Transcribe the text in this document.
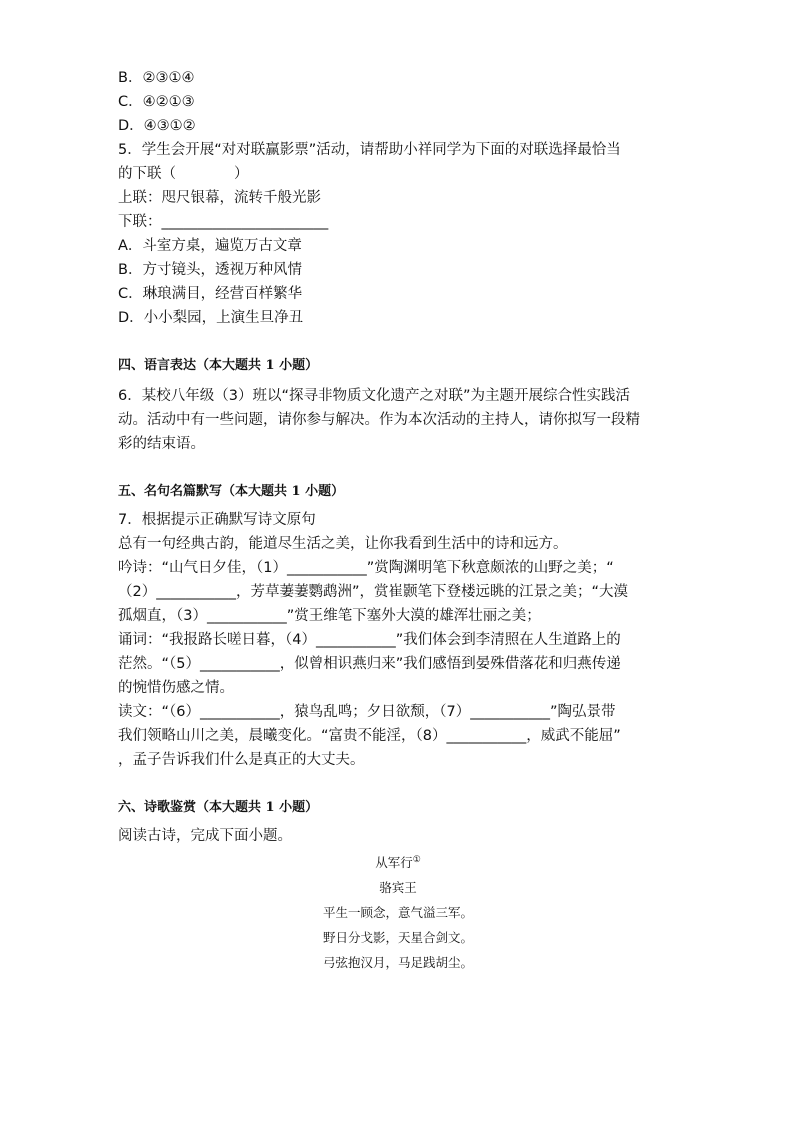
B．②③①④
C．④②①③
D．④③①②
5．学生会开展“对对联赢影票”活动，请帮助小祥同学为下面的对联选择最恰当
的下联（　　　　）
上联：咫尺银幕，流转千般光影
下联：_______________________
A．斗室方桌，遍览万古文章
B．方寸镜头，透视万种风情
C．琳琅满目，经营百样繁华
D．小小梨园，上演生旦净丑
四、语言表达（本大题共 1 小题）
6．某校八年级（3）班以“探寻非物质文化遗产之对联”为主题开展综合性实践活
动。活动中有一些问题，请你参与解决。作为本次活动的主持人，请你拟写一段精
彩的结束语。
五、名句名篇默写（本大题共 1 小题）
7．根据提示正确默写诗文原句
总有一句经典古韵，能道尽生活之美，让你我看到生活中的诗和远方。
吟诗：“山气日夕佳，（1）___________”赏陶渊明笔下秋意颇浓的山野之美；“
（2）___________，芳草萋萋鹦鹉洲”，赏崔颢笔下登楼远眺的江景之美；“大漠
孤烟直，（3）___________”赏王维笔下塞外大漠的雄浑壮丽之美；
诵词：“我报路长嗟日暮，（4）___________”我们体会到李清照在人生道路上的
茫然。“（5）___________，似曾相识燕归来”我们感悟到晏殊借落花和归燕传递
的惋惜伤感之情。
读文：“（6）___________，猿鸟乱鸣；夕日欲颓，（7）___________”陶弘景带
我们领略山川之美，晨曦变化。“富贵不能淫，（8）___________，威武不能屈”
，孟子告诉我们什么是真正的大丈夫。
六、诗歌鉴赏（本大题共 1 小题）
阅读古诗，完成下面小题。
从军行①
骆宾王
平生一顾念，意气溢三军。
野日分戈影，天星合剑文。
弓弦抱汉月，马足践胡尘。
